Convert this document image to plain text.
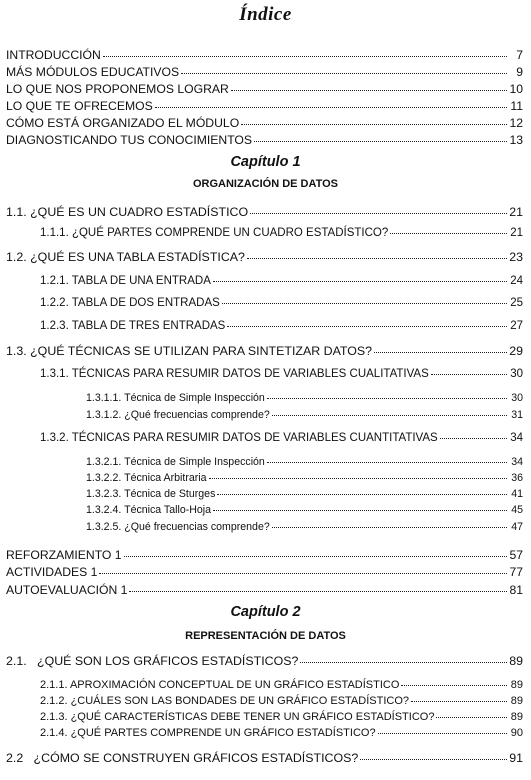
Índice
INTRODUCCIÓN	7
MÁS MÓDULOS EDUCATIVOS	9
LO QUE NOS PROPONEMOS LOGRAR	10
LO QUE TE OFRECEMOS	11
CÓMO ESTÁ ORGANIZADO EL MÓDULO	12
DIAGNOSTICANDO TUS CONOCIMIENTOS	13
Capítulo 1
ORGANIZACIÓN DE DATOS
1.1. ¿QUÉ ES UN CUADRO ESTADÍSTICO	21
1.1.1. ¿QUÉ PARTES COMPRENDE UN CUADRO ESTADÍSTICO?	21
1.2. ¿QUÉ ES UNA TABLA ESTADÍSTICA?	23
1.2.1. TABLA DE UNA ENTRADA	24
1.2.2. TABLA DE DOS ENTRADAS	25
1.2.3. TABLA DE TRES ENTRADAS	27
1.3. ¿QUÉ TÉCNICAS SE UTILIZAN PARA SINTETIZAR DATOS?	29
1.3.1. TÉCNICAS PARA RESUMIR DATOS DE VARIABLES CUALITATIVAS	30
1.3.1.1. Técnica de Simple Inspección	30
1.3.1.2. ¿Qué frecuencias comprende?	31
1.3.2. TÉCNICAS PARA RESUMIR DATOS DE VARIABLES CUANTITATIVAS	34
1.3.2.1. Técnica de Simple Inspección	34
1.3.2.2. Técnica Arbitraria	36
1.3.2.3. Técnica de Sturges	41
1.3.2.4. Técnica Tallo-Hoja	45
1.3.2.5. ¿Qué frecuencias comprende?	47
REFORZAMIENTO 1	57
ACTIVIDADES 1	77
AUTOEVALUACIÓN 1	81
Capítulo 2
REPRESENTACIÓN DE DATOS
2.1.   ¿QUÉ SON LOS GRÁFICOS ESTADÍSTICOS?	89
2.1.1. APROXIMACIÓN CONCEPTUAL DE UN GRÁFICO ESTADÍSTICO	89
2.1.2. ¿CUÁLES SON LAS BONDADES DE UN GRÁFICO ESTADÍSTICO?	89
2.1.3. ¿QUÉ CARACTERÍSTICAS DEBE TENER UN GRÁFICO ESTADÍSTICO?	89
2.1.4. ¿QUÉ PARTES COMPRENDE UN GRÁFICO ESTADÍSTICO?	90
2.2   ¿CÓMO SE CONSTRUYEN GRÁFICOS ESTADÍSTICOS?	91
